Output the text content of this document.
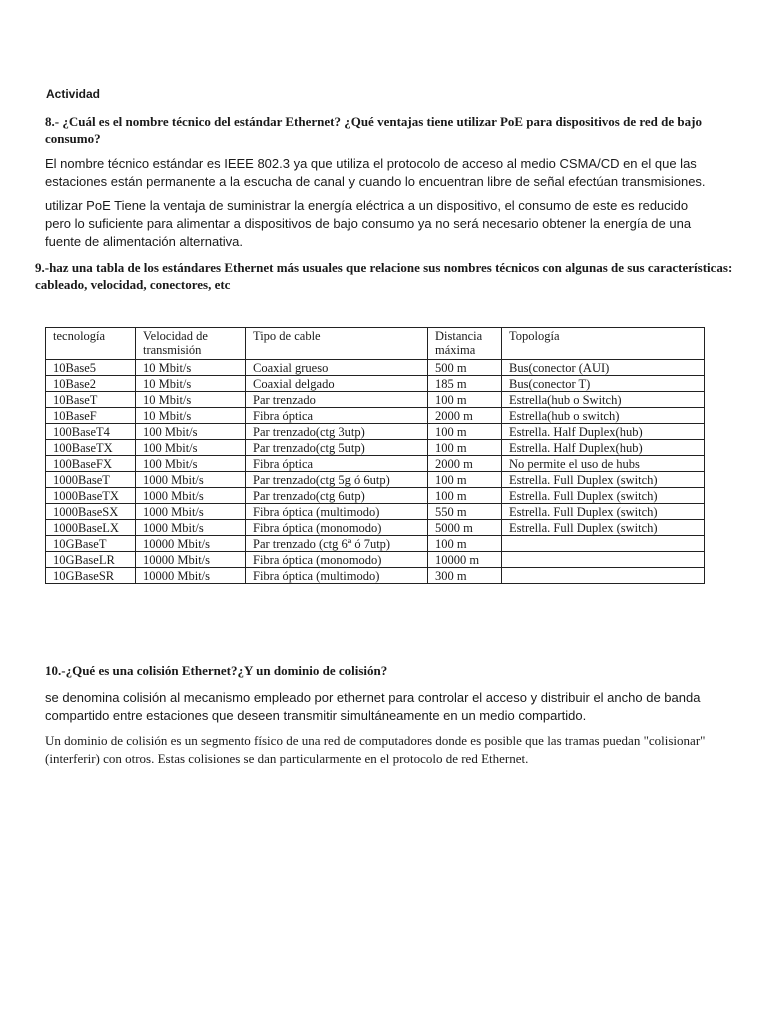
Actividad

8.- ¿Cuál es el nombre técnico del estándar Ethernet? ¿Qué ventajas tiene utilizar PoE para dispositivos de red de bajo consumo?

El nombre técnico estándar es IEEE 802.3 ya que utiliza el protocolo de acceso al medio CSMA/CD en el que las estaciones están permanente a la escucha de canal y cuando lo encuentran libre de señal efectúan transmisiones.

utilizar PoE Tiene la ventaja de suministrar la energía eléctrica a un dispositivo, el consumo de este es reducido pero lo suficiente para alimentar a dispositivos de bajo consumo ya no será necesario obtener la energía de una fuente de alimentación alternativa.

9.-haz una tabla de los estándares Ethernet más usuales que relacione sus nombres técnicos con algunas de sus características: cableado, velocidad, conectores, etc

tecnología	Velocidad de transmisión	Tipo de cable	Distancia máxima	Topología
10Base5	10 Mbit/s	Coaxial grueso	500 m	Bus(conector (AUI)
10Base2	10 Mbit/s	Coaxial delgado	185 m	Bus(conector T)
10BaseT	10 Mbit/s	Par trenzado	100 m	Estrella(hub o Switch)
10BaseF	10 Mbit/s	Fibra óptica	2000 m	Estrella(hub o switch)
100BaseT4	100 Mbit/s	Par trenzado(ctg 3utp)	100 m	Estrella. Half Duplex(hub)
100BaseTX	100 Mbit/s	Par trenzado(ctg 5utp)	100 m	Estrella. Half Duplex(hub)
100BaseFX	100 Mbit/s	Fibra óptica	2000 m	No permite el uso de hubs
1000BaseT	1000 Mbit/s	Par trenzado(ctg 5g ó 6utp)	100 m	Estrella. Full Duplex (switch)
1000BaseTX	1000 Mbit/s	Par trenzado(ctg 6utp)	100 m	Estrella. Full Duplex (switch)
1000BaseSX	1000 Mbit/s	Fibra óptica (multimodo)	550 m	Estrella. Full Duplex (switch)
1000BaseLX	1000 Mbit/s	Fibra óptica (monomodo)	5000 m	Estrella. Full Duplex (switch)
10GBaseT	10000 Mbit/s	Par trenzado (ctg 6ª ó 7utp)	100 m	
10GBaseLR	10000 Mbit/s	Fibra óptica (monomodo)	10000 m	
10GBaseSR	10000 Mbit/s	Fibra óptica (multimodo)	300 m	

10.-¿Qué es una colisión Ethernet?¿Y un dominio de colisión?

se denomina colisión al mecanismo empleado por ethernet para controlar el acceso y distribuir el ancho de banda compartido entre estaciones que deseen transmitir simultáneamente en un medio compartido.

Un dominio de colisión es un segmento físico de una red de computadores donde es posible que las tramas puedan "colisionar" (interferir) con otros. Estas colisiones se dan particularmente en el protocolo de red Ethernet.
